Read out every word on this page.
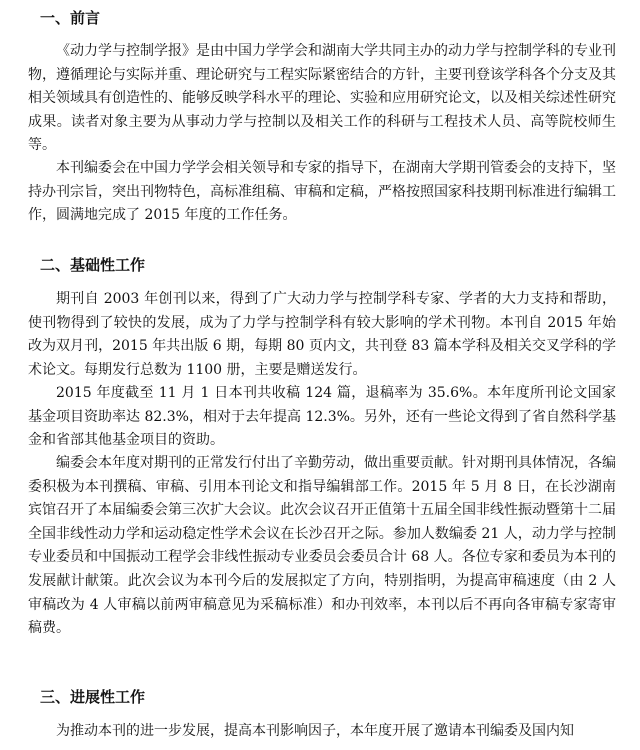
一、前言

《动力学与控制学报》是由中国力学学会和湖南大学共同主办的动力学与控制学科的专业刊物，遵循理论与实际并重、理论研究与工程实际紧密结合的方针，主要刊登该学科各个分支及其相关领域具有创造性的、能够反映学科水平的理论、实验和应用研究论文，以及相关综述性研究成果。读者对象主要为从事动力学与控制以及相关工作的科研与工程技术人员、高等院校师生等。

本刊编委会在中国力学学会相关领导和专家的指导下，在湖南大学期刊管委会的支持下，坚持办刊宗旨，突出刊物特色，高标准组稿、审稿和定稿，严格按照国家科技期刊标准进行编辑工作，圆满地完成了 2015 年度的工作任务。

二、基础性工作

期刊自 2003 年创刊以来，得到了广大动力学与控制学科专家、学者的大力支持和帮助，使刊物得到了较快的发展，成为了力学与控制学科有较大影响的学术刊物。本刊自 2015 年始改为双月刊，2015 年共出版 6 期，每期 80 页内文，共刊登 83 篇本学科及相关交叉学科的学术论文。每期发行总数为 1100 册，主要是赠送发行。

2015 年度截至 11 月 1 日本刊共收稿 124 篇，退稿率为 35.6%。本年度所刊论文国家基金项目资助率达 82.3%，相对于去年提高 12.3%。另外，还有一些论文得到了省自然科学基金和省部其他基金项目的资助。

编委会本年度对期刊的正常发行付出了辛勤劳动，做出重要贡献。针对期刊具体情况，各编委积极为本刊撰稿、审稿、引用本刊论文和指导编辑部工作。2015 年 5 月 8 日，在长沙湖南宾馆召开了本届编委会第三次扩大会议。此次会议召开正值第十五届全国非线性振动暨第十二届全国非线性动力学和运动稳定性学术会议在长沙召开之际。参加人数编委 21 人，动力学与控制专业委员和中国振动工程学会非线性振动专业委员会委员合计 68 人。各位专家和委员为本刊的发展献计献策。此次会议为本刊今后的发展拟定了方向，特别指明，为提高审稿速度（由 2 人审稿改为 4 人审稿以前两审稿意见为采稿标准）和办刊效率，本刊以后不再向各审稿专家寄审稿费。

三、进展性工作

为推动本刊的进一步发展，提高本刊影响因子，本年度开展了邀请本刊编委及国内知
